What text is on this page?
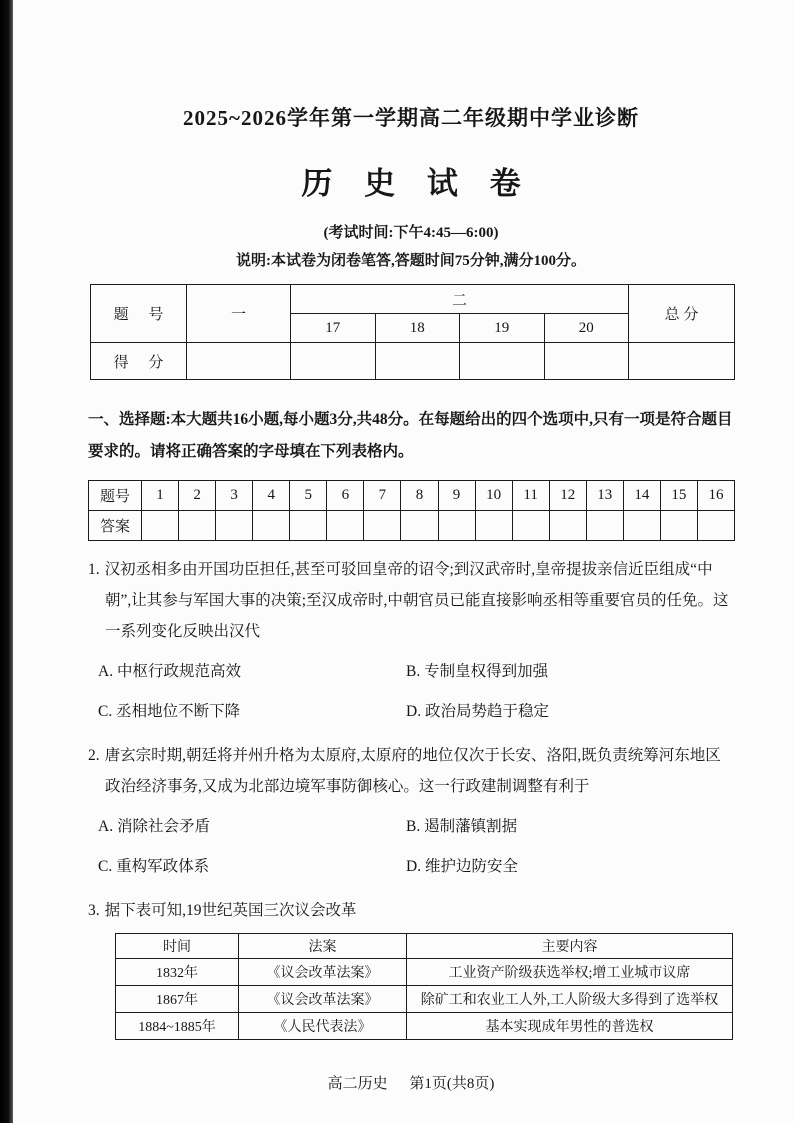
2025~2026学年第一学期高二年级期中学业诊断
历 史 试 卷
(考试时间:下午4:45—6:00)
说明:本试卷为闭卷笔答,答题时间75分钟,满分100分。
题 号	一	二				总 分
		17	18	19	20	
得 分						

一、选择题:本大题共16小题,每小题3分,共48分。在每题给出的四个选项中,只有一项是符合题目要求的。请将正确答案的字母填在下列表格内。

题号	1	2	3	4	5	6	7	8	9	10	11	12	13	14	15	16
答案																
1. 汉初丞相多由开国功臣担任,甚至可驳回皇帝的诏令;到汉武帝时,皇帝提拔亲信近臣组成“中朝”,让其参与军国大事的决策;至汉成帝时,中朝官员已能直接影响丞相等重要官员的任免。这一系列变化反映出汉代
A. 中枢行政规范高效	B. 专制皇权得到加强
C. 丞相地位不断下降	D. 政治局势趋于稳定
2. 唐玄宗时期,朝廷将并州升格为太原府,太原府的地位仅次于长安、洛阳,既负责统筹河东地区政治经济事务,又成为北部边境军事防御核心。这一行政建制调整有利于
A. 消除社会矛盾	B. 遏制藩镇割据
C. 重构军政体系	D. 维护边防安全
3. 据下表可知,19世纪英国三次议会改革
时间	法案	主要内容
1832年	《议会改革法案》	工业资产阶级获选举权;增工业城市议席
1867年	《议会改革法案》	除矿工和农业工人外,工人阶级大多得到了选举权
1884~1885年	《人民代表法》	基本实现成年男性的普选权
高二历史 第1页(共8页)
